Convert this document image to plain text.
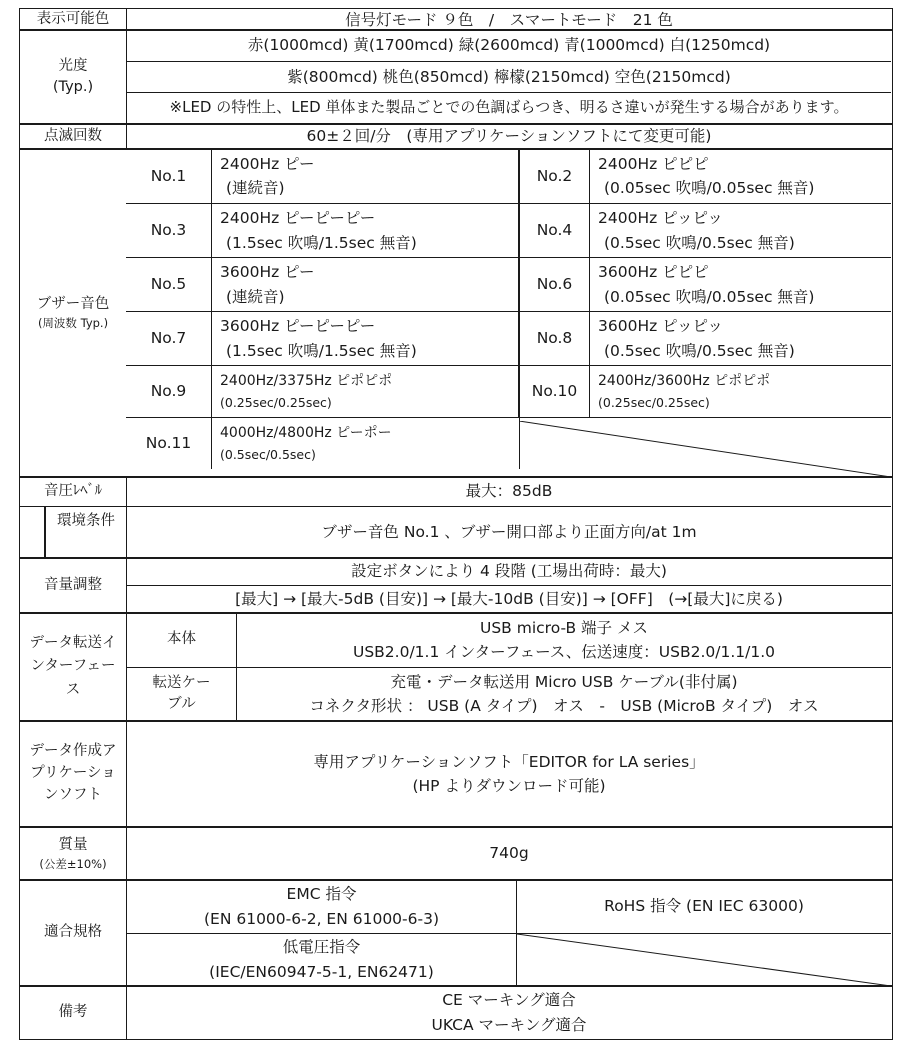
表示可能色	信号灯モード ９色　/　スマートモード　21 色
光度
(Typ.)
赤(1000mcd) 黄(1700mcd) 緑(2600mcd) 青(1000mcd) 白(1250mcd)
紫(800mcd) 桃色(850mcd) 檸檬(2150mcd) 空色(2150mcd)
※LED の特性上、LED 単体また製品ごとでの色調ばらつき、明るさ違いが発生する場合があります。
点滅回数	60±２回/分　(専用アプリケーションソフトにて変更可能)
ブザー音色
(周波数 Typ.)
No.1
2400Hz ピー
(連続音)
No.2
2400Hz ピピピ
(0.05sec 吹鳴/0.05sec 無音)
No.3
2400Hz ピーピーピー
(1.5sec 吹鳴/1.5sec 無音)
No.4
2400Hz ピッピッ
(0.5sec 吹鳴/0.5sec 無音)
No.5
3600Hz ピー
(連続音)
No.6
3600Hz ピピピ
(0.05sec 吹鳴/0.05sec 無音)
No.7
3600Hz ピーピーピー
(1.5sec 吹鳴/1.5sec 無音)
No.8
3600Hz ピッピッ
(0.5sec 吹鳴/0.5sec 無音)
No.9
2400Hz/3375Hz ピポピポ
(0.25sec/0.25sec)
No.10
2400Hz/3600Hz ピポピポ
(0.25sec/0.25sec)
No.11
4000Hz/4800Hz ピーポー
(0.5sec/0.5sec)
音圧ﾚﾍﾞﾙ
環境条件
最大：85dB
ブザー音色 No.1 、ブザー開口部より正面方向/at 1m
音量調整
設定ボタンにより 4 段階 (工場出荷時：最大)
[最大] → [最大-5dB (目安)] → [最大-10dB (目安)] → [OFF]　(→[最大]に戻る)
データ転送インターフェース
本体
USB micro-B 端子 メス
USB2.0/1.1 インターフェース、伝送速度：USB2.0/1.1/1.0
転送ケーブル
充電・データ転送用 Micro USB ケーブル(非付属)
コネクタ形状 ： USB (A タイプ)　オス　-　USB (MicroB タイプ)　オス
データ作成アプリケーションソフト
専用アプリケーションソフト「EDITOR for LA series」
(HP よりダウンロード可能)
質量
(公差±10%)
740g
適合規格
EMC 指令
(EN 61000-6-2, EN 61000-6-3)
RoHS 指令 (EN IEC 63000)
低電圧指令
(IEC/EN60947-5-1, EN62471)
備考
CE マーキング適合
UKCA マーキング適合
